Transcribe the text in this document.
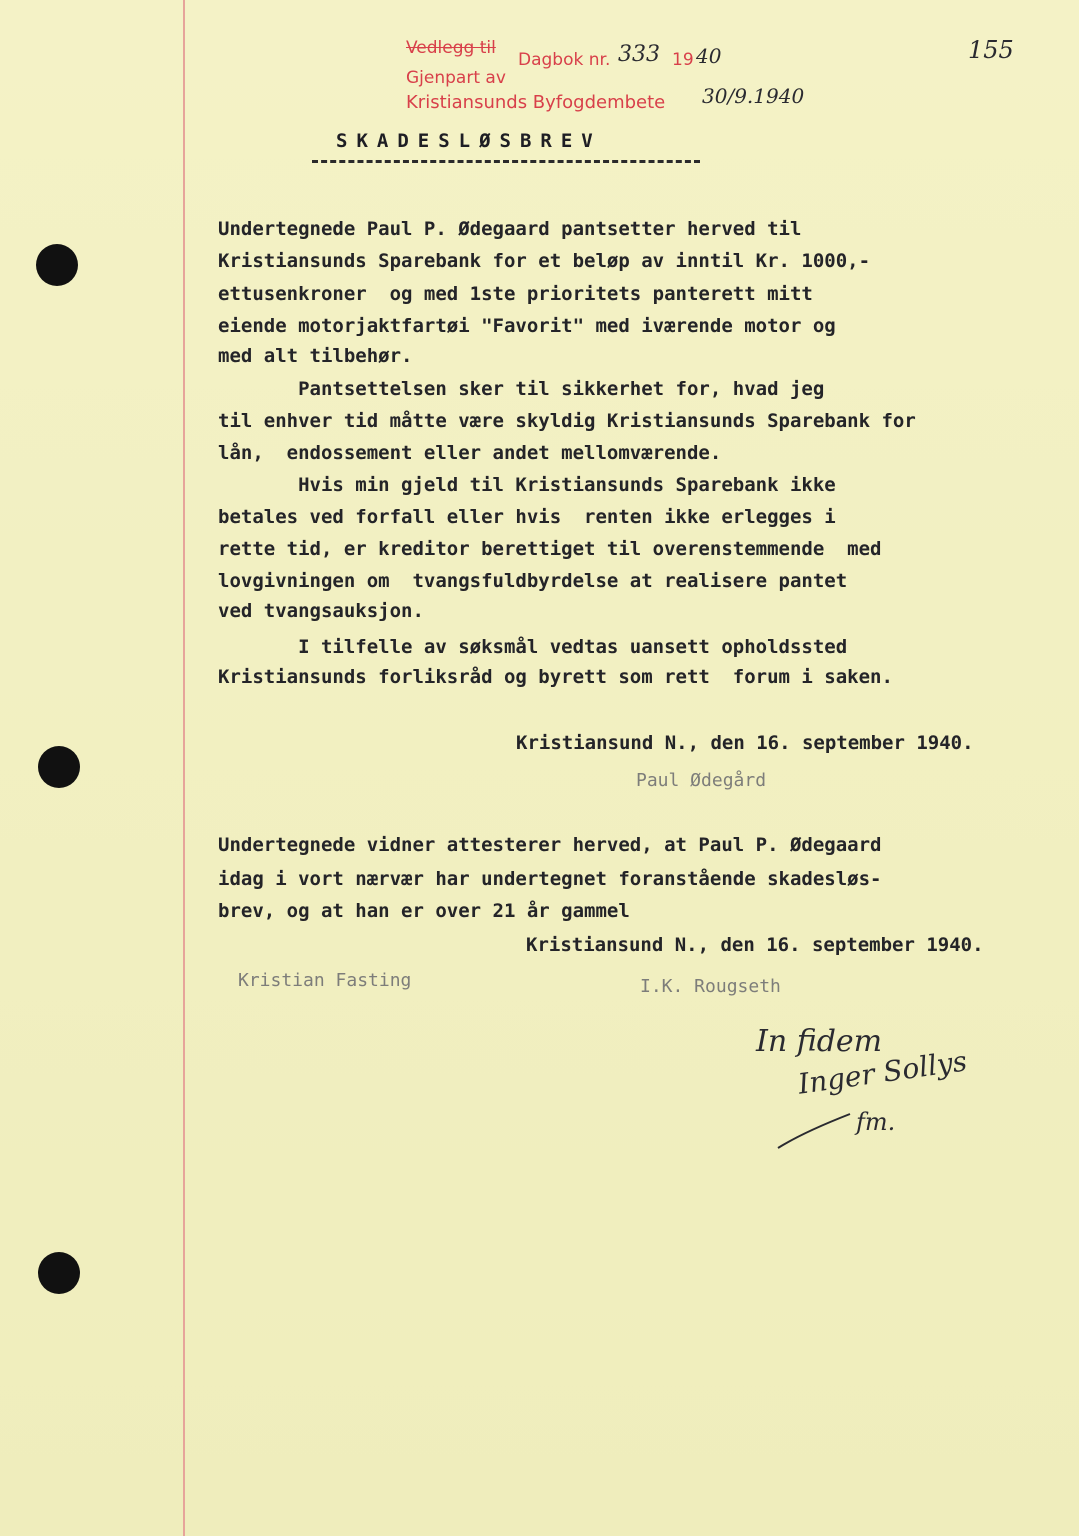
Vedlegg til
Dagbok nr. 333 19 40	155
Gjenpart av
Kristiansunds Byfogdembete 30/9.1940
SKADESLØSBREV
Undertegnede Paul P. Ødegaard pantsetter herved til
Kristiansunds Sparebank for et beløp av inntil Kr. 1000,-
ettusenkroner  og med 1ste prioritets panterett mitt
eiende motorjaktfartøi "Favorit" med iværende motor og
med alt tilbehør.
Pantsettelsen sker til sikkerhet for, hvad jeg
til enhver tid måtte være skyldig Kristiansunds Sparebank for
lån,  endossement eller andet mellomværende.
Hvis min gjeld til Kristiansunds Sparebank ikke
betales ved forfall eller hvis  renten ikke erlegges i
rette tid, er kreditor berettiget til overenstemmende  med
lovgivningen om  tvangsfuldbyrdelse at realisere pantet
ved tvangsauksjon.
I tilfelle av søksmål vedtas uansett opholdssted
Kristiansunds forliksråd og byrett som rett  forum i saken.
Kristiansund N., den 16. september 1940.
Paul Ødegård
Undertegnede vidner attesterer herved, at Paul P. Ødegaard
idag i vort nærvær har undertegnet foranstående skadesløs-
brev, og at han er over 21 år gammel
Kristiansund N., den 16. september 1940.
Kristian Fasting	I.K. Rougseth
In fidem
Inger Sollys
fm.
